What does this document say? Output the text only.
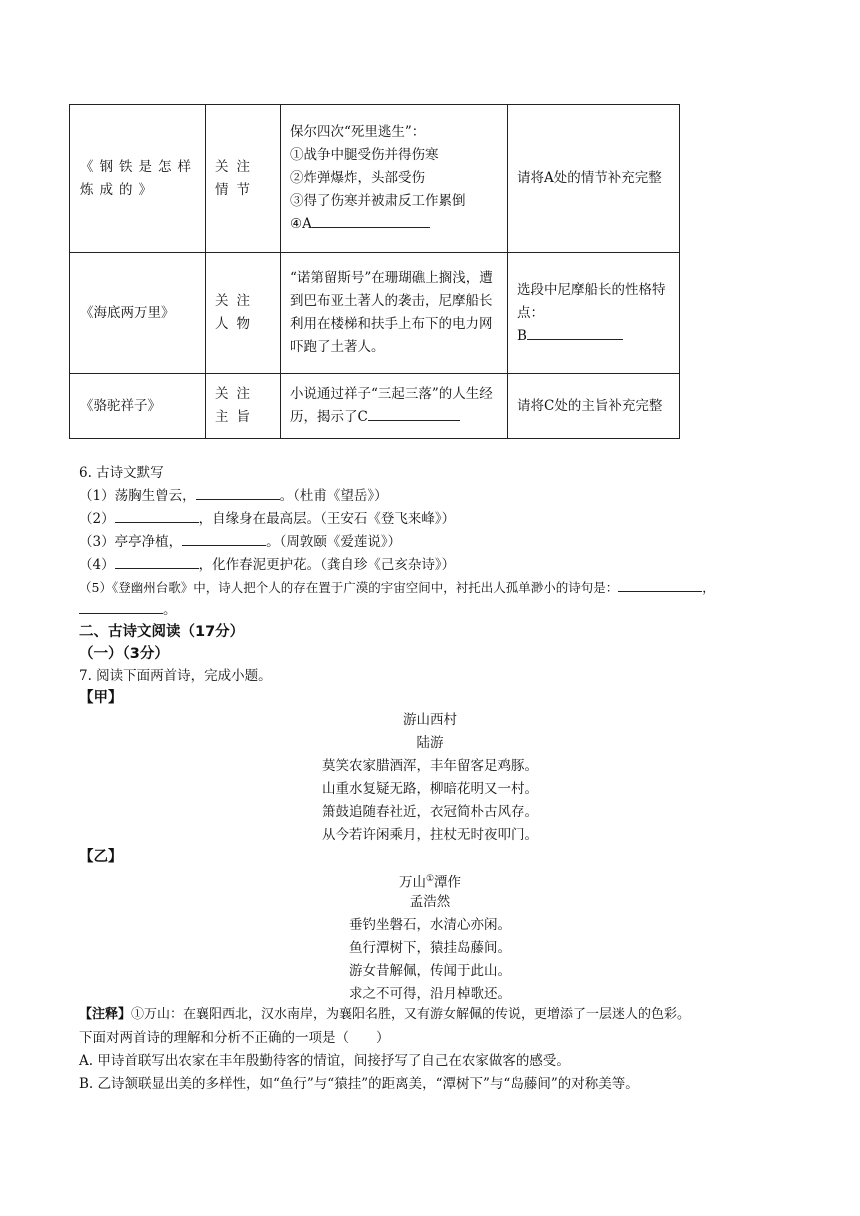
《钢铁是怎样炼成的》	关注情节	保尔四次“死里逃生”：
①战争中腿受伤并得伤寒
②炸弹爆炸，头部受伤
③得了伤寒并被肃反工作累倒
④A	请将A处的情节补充完整

《海底两万里》	关注人物	“诺第留斯号”在珊瑚礁上搁浅，遭到巴布亚土著人的袭击，尼摩船长利用在楼梯和扶手上布下的电力网吓跑了土著人。	选段中尼摩船长的性格特点：
B

《骆驼祥子》	关注主旨	小说通过祥子“三起三落”的人生经历，揭示了C	请将C处的主旨补充完整
6. 古诗文默写
（1）荡胸生曾云，	。（杜甫《望岳》）
（2）	，自缘身在最高层。（王安石《登飞来峰》）
（3）亭亭净植，	。（周敦颐《爱莲说》）
（4）	，化作春泥更护花。（龚自珍《己亥杂诗》）
（5）《登幽州台歌》中，诗人把个人的存在置于广漠的宇宙空间中，衬托出人孤单渺小的诗句是：	，
。
二、古诗文阅读（17分）
（一）（3分）
7. 阅读下面两首诗，完成小题。
【甲】
游山西村
陆游
莫笑农家腊酒浑，丰年留客足鸡豚。
山重水复疑无路，柳暗花明又一村。
箫鼓追随春社近，衣冠简朴古风存。
从今若许闲乘月，拄杖无时夜叩门。
【乙】
万山①潭作
孟浩然
垂钓坐磐石，水清心亦闲。
鱼行潭树下，猿挂岛藤间。
游女昔解佩，传闻于此山。
求之不可得，沿月棹歌还。
【注释】①万山：在襄阳西北，汉水南岸，为襄阳名胜，又有游女解佩的传说，更增添了一层迷人的色彩。
下面对两首诗的理解和分析不正确的一项是（　　）
A. 甲诗首联写出农家在丰年殷勤待客的情谊，间接抒写了自己在农家做客的感受。
B. 乙诗颔联显出美的多样性，如“鱼行”与“猿挂”的距离美，“潭树下”与“岛藤间”的对称美等。
